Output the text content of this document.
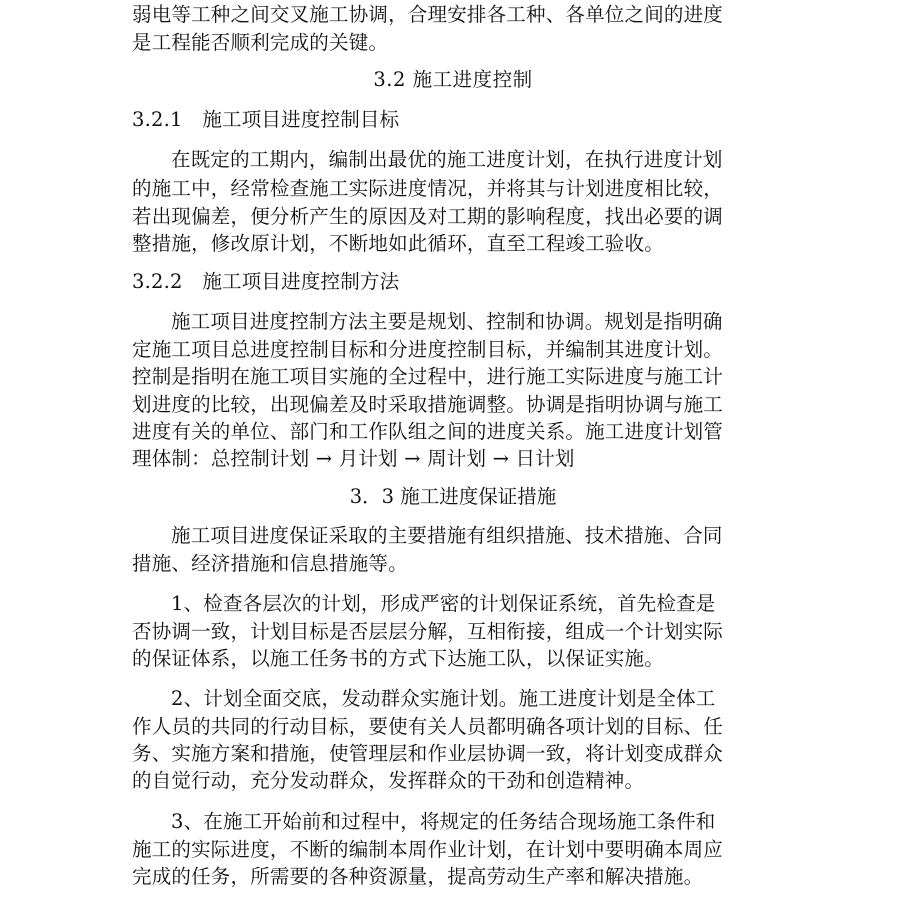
弱电等工种之间交叉施工协调，合理安排各工种、各单位之间的进度
是工程能否顺利完成的关键。
3.2 施工进度控制
3.2.1　施工项目进度控制目标
在既定的工期内，编制出最优的施工进度计划，在执行进度计划
的施工中，经常检查施工实际进度情况，并将其与计划进度相比较，
若出现偏差，便分析产生的原因及对工期的影响程度，找出必要的调
整措施，修改原计划，不断地如此循环，直至工程竣工验收。
3.2.2　施工项目进度控制方法
施工项目进度控制方法主要是规划、控制和协调。规划是指明确
定施工项目总进度控制目标和分进度控制目标，并编制其进度计划。
控制是指明在施工项目实施的全过程中，进行施工实际进度与施工计
划进度的比较，出现偏差及时采取措施调整。协调是指明协调与施工
进度有关的单位、部门和工作队组之间的进度关系。施工进度计划管
理体制：总控制计划 → 月计划 → 周计划 → 日计划
3．3 施工进度保证措施
施工项目进度保证采取的主要措施有组织措施、技术措施、合同
措施、经济措施和信息措施等。
1、检查各层次的计划，形成严密的计划保证系统，首先检查是
否协调一致，计划目标是否层层分解，互相衔接，组成一个计划实际
的保证体系，以施工任务书的方式下达施工队，以保证实施。
2、计划全面交底，发动群众实施计划。施工进度计划是全体工
作人员的共同的行动目标，要使有关人员都明确各项计划的目标、任
务、实施方案和措施，使管理层和作业层协调一致，将计划变成群众
的自觉行动，充分发动群众，发挥群众的干劲和创造精神。
3、在施工开始前和过程中，将规定的任务结合现场施工条件和
施工的实际进度，不断的编制本周作业计划，在计划中要明确本周应
完成的任务，所需要的各种资源量，提高劳动生产率和解决措施。
